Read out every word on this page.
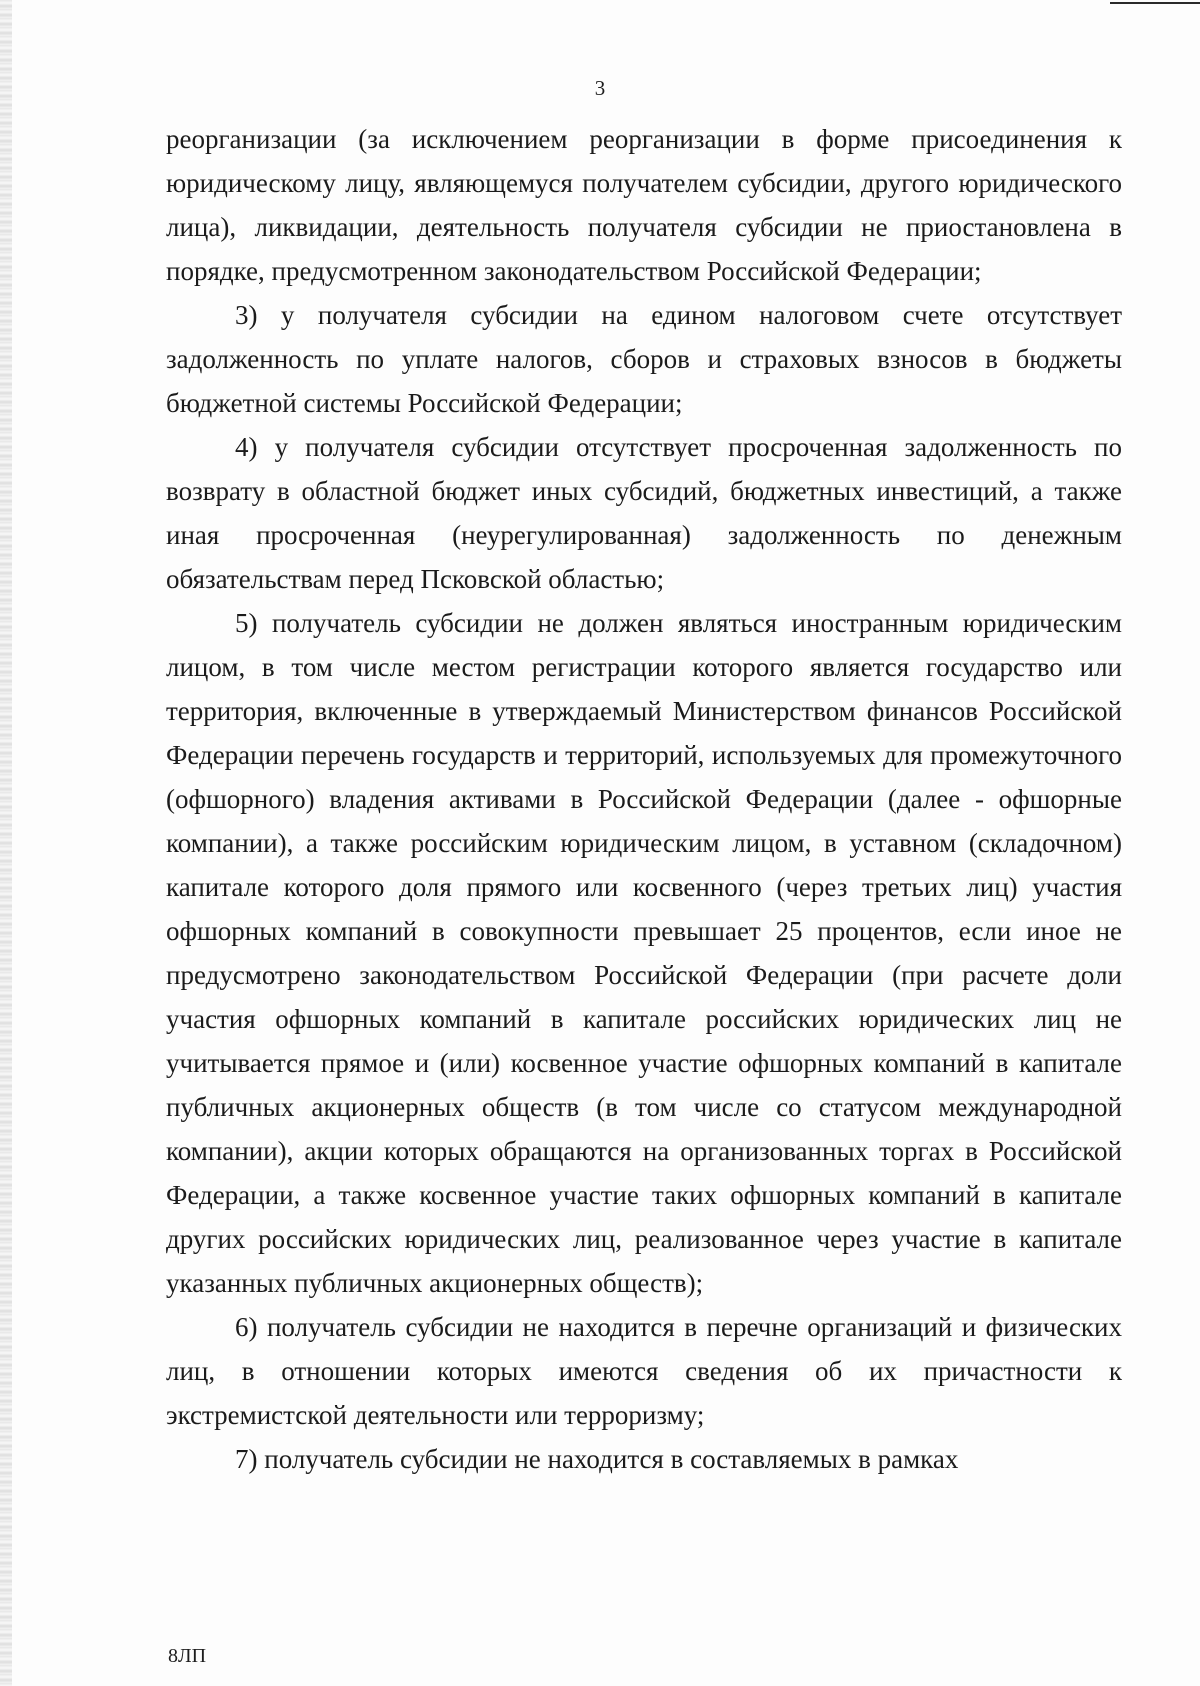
3

реорганизации (за исключением реорганизации в форме присоединения к юридическому лицу, являющемуся получателем субсидии, другого юридического лица), ликвидации, деятельность получателя субсидии не приостановлена в порядке, предусмотренном законодательством Российской Федерации;

3) у получателя субсидии на едином налоговом счете отсутствует задолженность по уплате налогов, сборов и страховых взносов в бюджеты бюджетной системы Российской Федерации;

4) у получателя субсидии отсутствует просроченная задолженность по возврату в областной бюджет иных субсидий, бюджетных инвестиций, а также иная просроченная (неурегулированная) задолженность по денежным обязательствам перед Псковской областью;

5) получатель субсидии не должен являться иностранным юридическим лицом, в том числе местом регистрации которого является государство или территория, включенные в утверждаемый Министерством финансов Российской Федерации перечень государств и территорий, используемых для промежуточного (офшорного) владения активами в Российской Федерации (далее - офшорные компании), а также российским юридическим лицом, в уставном (складочном) капитале которого доля прямого или косвенного (через третьих лиц) участия офшорных компаний в совокупности превышает 25 процентов, если иное не предусмотрено законодательством Российской Федерации (при расчете доли участия офшорных компаний в капитале российских юридических лиц не учитывается прямое и (или) косвенное участие офшорных компаний в капитале публичных акционерных обществ (в том числе со статусом международной компании), акции которых обращаются на организованных торгах в Российской Федерации, а также косвенное участие таких офшорных компаний в капитале других российских юридических лиц, реализованное через участие в капитале указанных публичных акционерных обществ);

6) получатель субсидии не находится в перечне организаций и физических лиц, в отношении которых имеются сведения об их причастности к экстремистской деятельности или терроризму;

7) получатель субсидии не находится в составляемых в рамках

8ЛП
